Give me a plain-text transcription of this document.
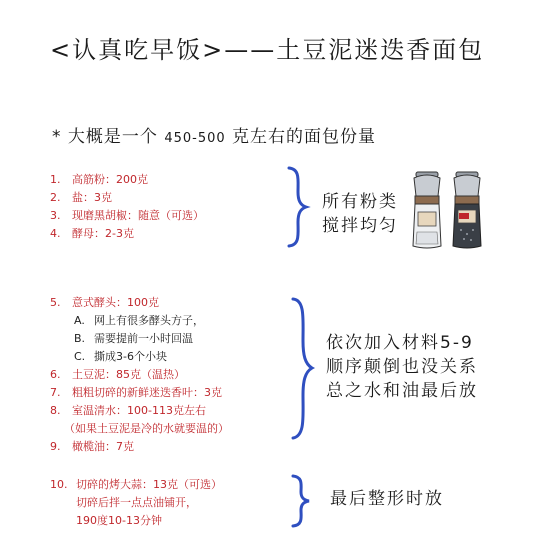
<认真吃早饭>——土豆泥迷迭香面包
* 大概是一个 450-500 克左右的面包份量
1. 高筋粉：200克
2. 盐：3克
3. 现磨黑胡椒：随意（可选）
4. 酵母：2-3克
所有粉类
搅拌均匀
5. 意式酵头：100克
A. 网上有很多酵头方子，
B. 需要提前一小时回温
C. 撕成3-6个小块
6. 土豆泥：85克（温热）
7. 粗粗切碎的新鲜迷迭香叶：3克
8. 室温清水：100-113克左右
（如果土豆泥是冷的水就要温的）
9. 橄榄油：7克
依次加入材料5-9
顺序颠倒也没关系
总之水和油最后放
10. 切碎的烤大蒜：13克（可选）
切碎后拌一点点油铺开，
190度10-13分钟
最后整形时放
